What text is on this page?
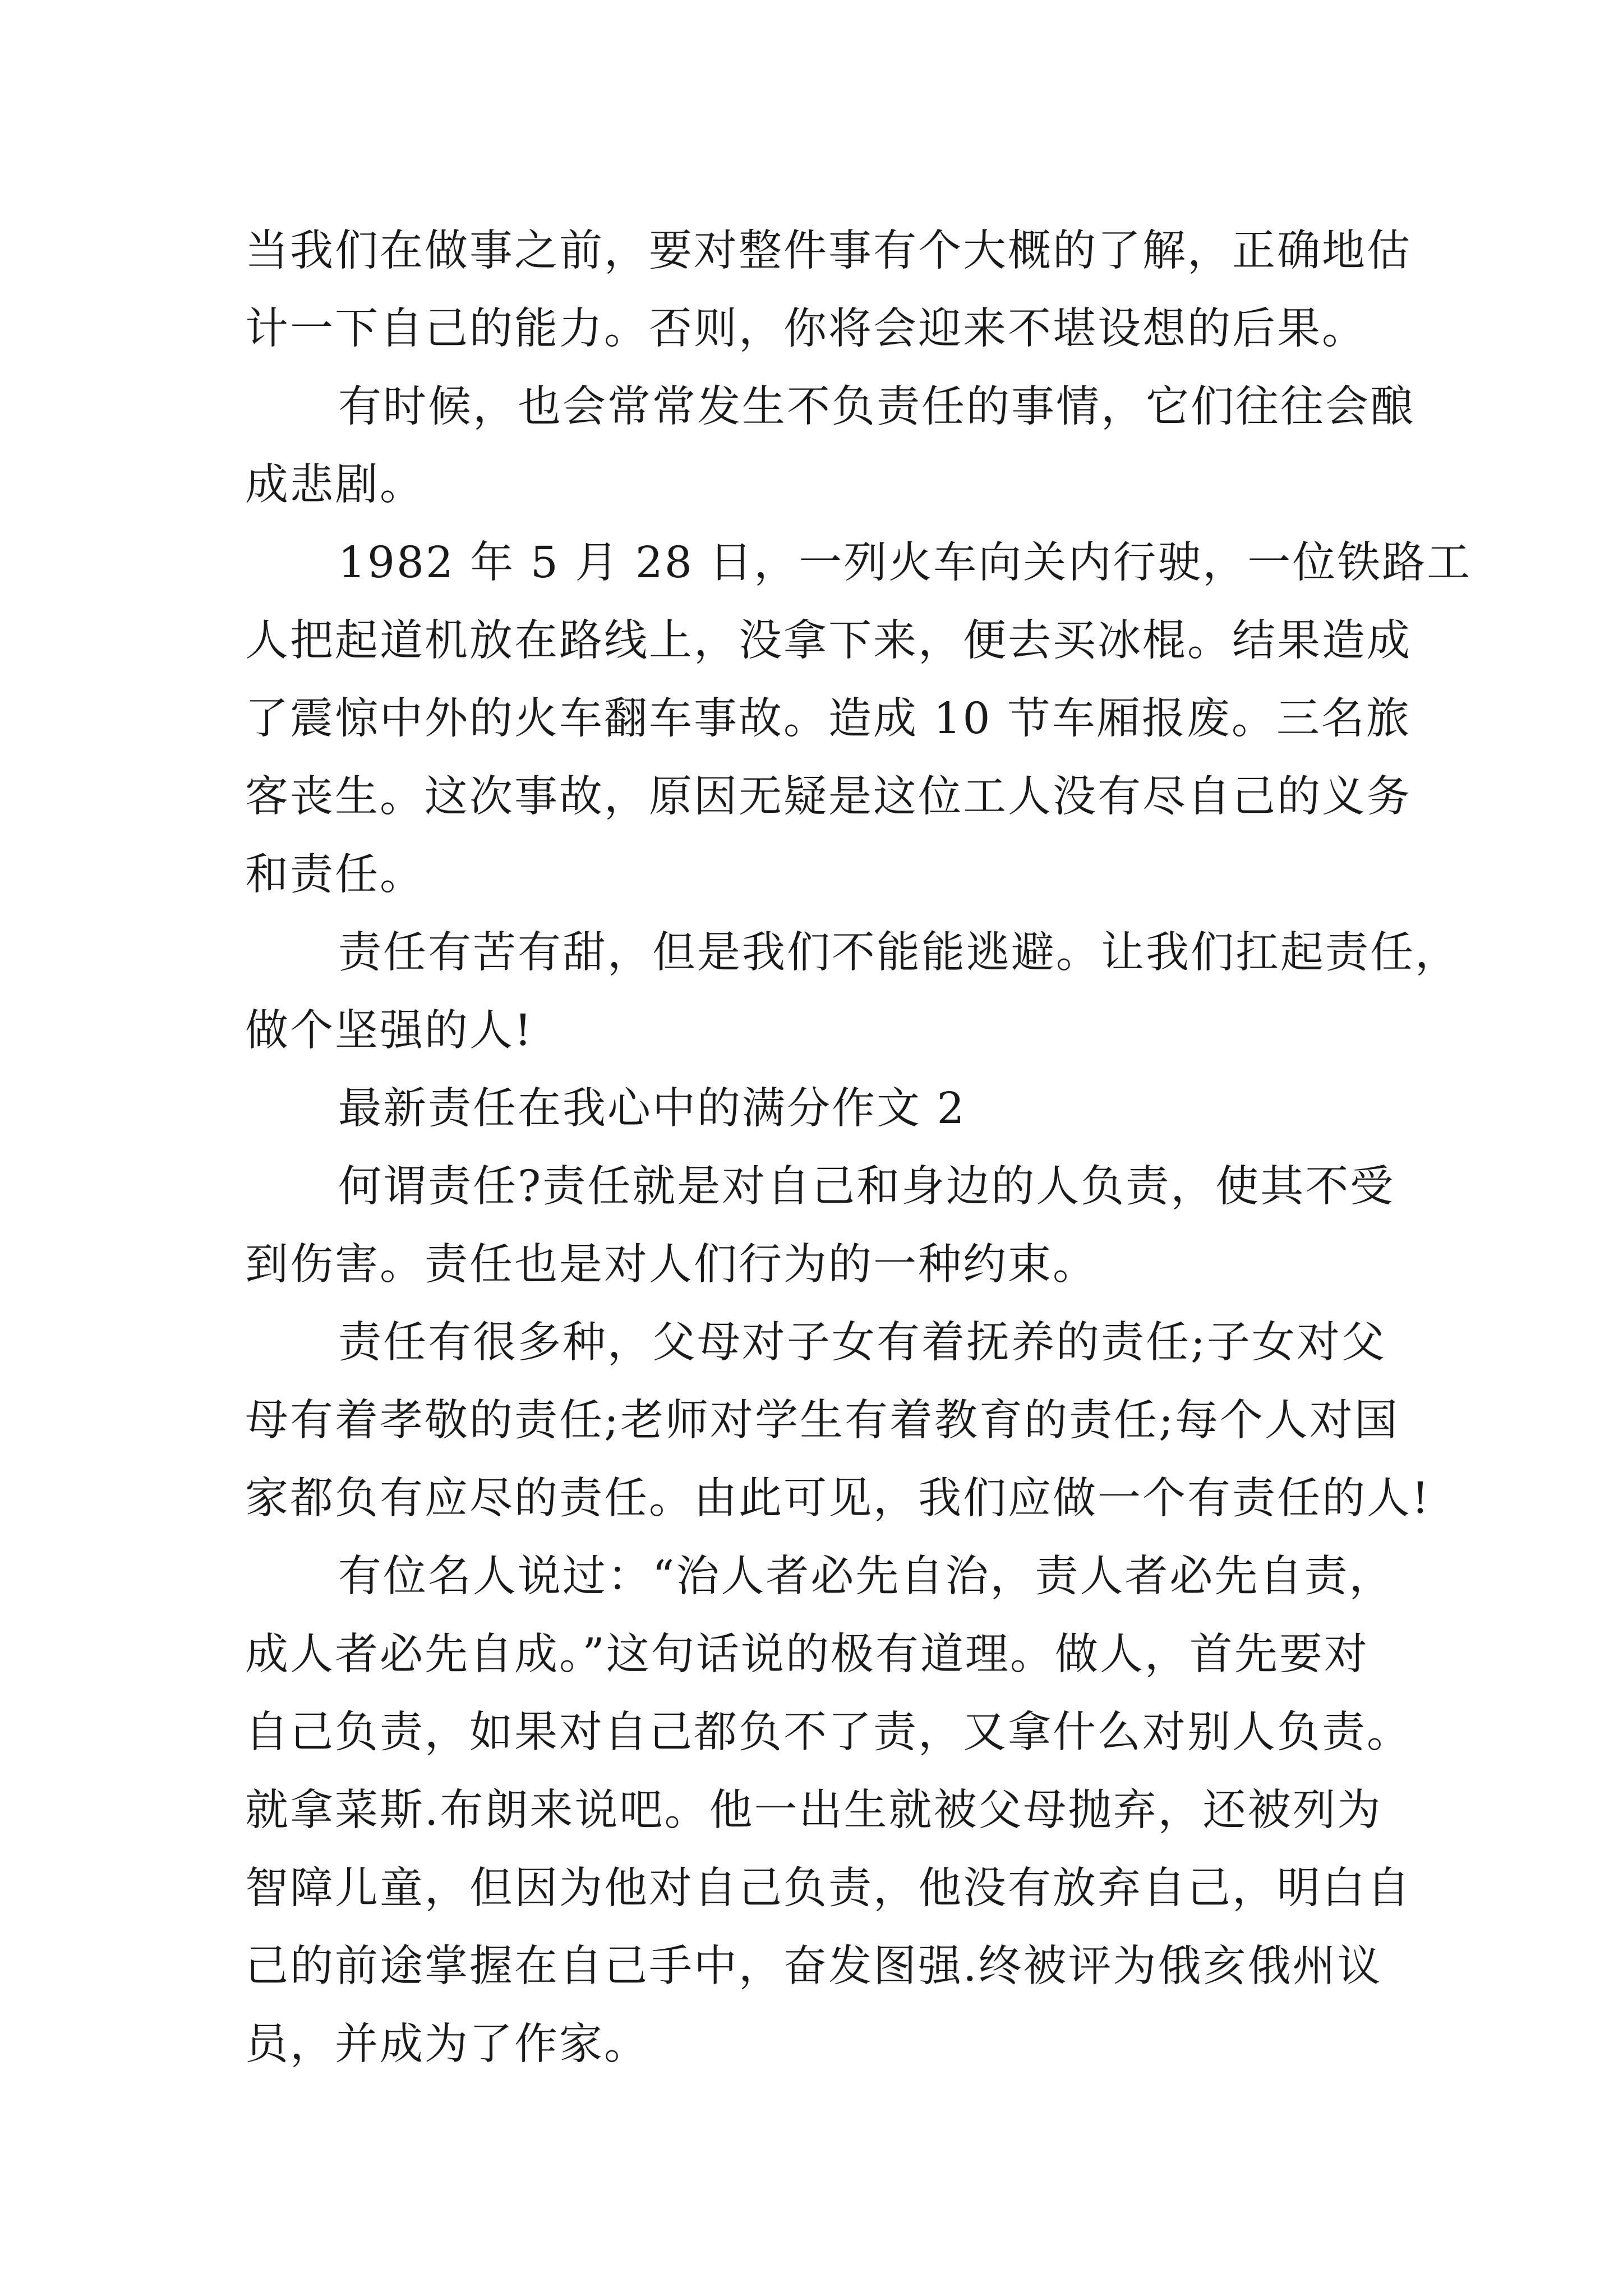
当我们在做事之前，要对整件事有个大概的了解，正确地估
计一下自己的能力。否则，你将会迎来不堪设想的后果。
有时候，也会常常发生不负责任的事情，它们往往会酿
成悲剧。
1982 年 5 月 28 日，一列火车向关内行驶，一位铁路工
人把起道机放在路线上，没拿下来，便去买冰棍。结果造成
了震惊中外的火车翻车事故。造成 10 节车厢报废。三名旅
客丧生。这次事故，原因无疑是这位工人没有尽自己的义务
和责任。
责任有苦有甜，但是我们不能能逃避。让我们扛起责任，
做个坚强的人!
最新责任在我心中的满分作文 2
何谓责任?责任就是对自己和身边的人负责，使其不受
到伤害。责任也是对人们行为的一种约束。
责任有很多种，父母对子女有着抚养的责任;子女对父
母有着孝敬的责任;老师对学生有着教育的责任;每个人对国
家都负有应尽的责任。由此可见，我们应做一个有责任的人!
有位名人说过：“治人者必先自治，责人者必先自责，
成人者必先自成。”这句话说的极有道理。做人，首先要对
自己负责，如果对自己都负不了责，又拿什么对别人负责。
就拿菜斯.布朗来说吧。他一出生就被父母抛弃，还被列为
智障儿童，但因为他对自己负责，他没有放弃自己，明白自
己的前途掌握在自己手中，奋发图强.终被评为俄亥俄州议
员，并成为了作家。
